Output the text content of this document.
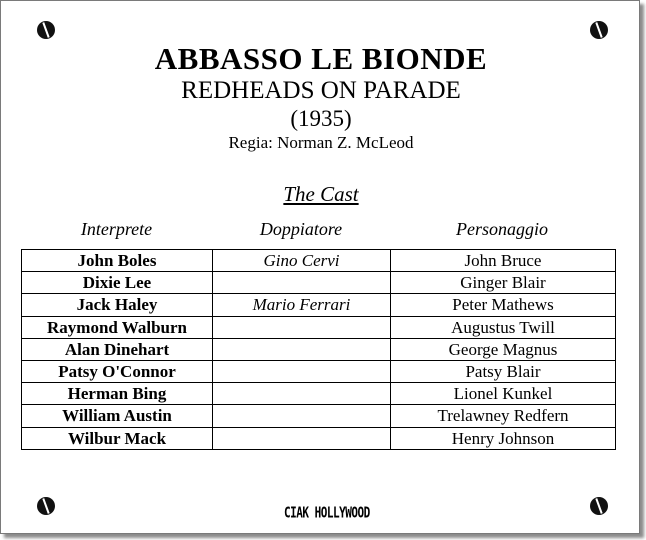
ABBASSO LE BIONDE
REDHEADS ON PARADE
(1935)
Regia: Norman Z. McLeod
The Cast
Interprete	Doppiatore	Personaggio
John Boles	Gino Cervi	John Bruce
Dixie Lee		Ginger Blair
Jack Haley	Mario Ferrari	Peter Mathews
Raymond Walburn		Augustus Twill
Alan Dinehart		George Magnus
Patsy O'Connor		Patsy Blair
Herman Bing		Lionel Kunkel
William Austin		Trelawney Redfern
Wilbur Mack		Henry Johnson
CIAK HOLLYWOOD
